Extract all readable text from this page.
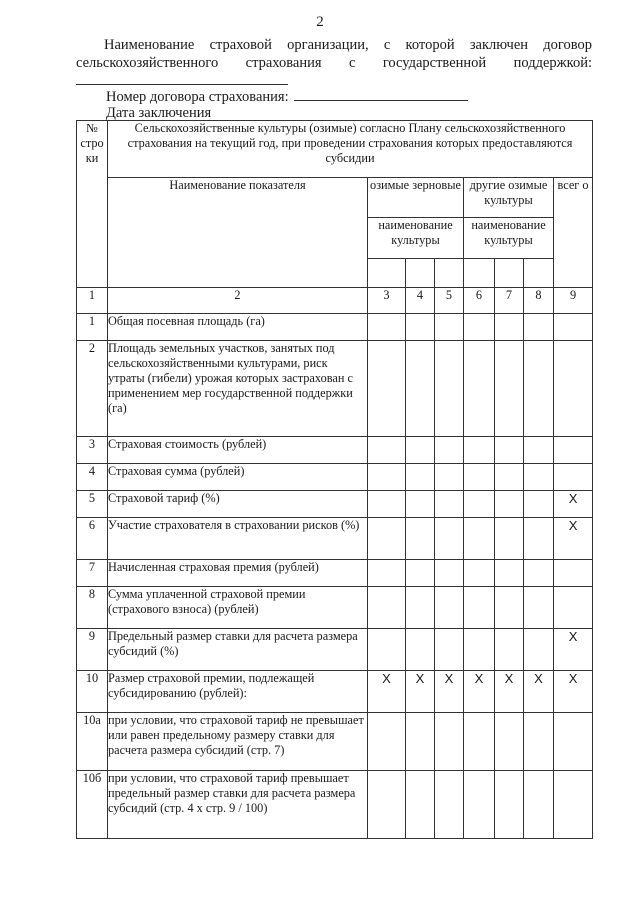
2
Наименование страховой организации, с которой заключен договор
сельскохозяйственного страхования с государственной поддержкой:
Номер договора страхования:
Дата заключения
№ стро ки	Сельскохозяйственные культуры (озимые) согласно Плану сельскохозяйственного страхования на текущий год, при проведении страхования которых предоставляются субсидии							
	Наименование показателя	озимые зерновые			другие озимые культуры			всег о
		наименование культуры			наименование культуры			

1	2	3	4	5	6	7	8	9
1	Общая посевная площадь (га)							
2	Площадь земельных участков, занятых под сельскохозяйственными культурами, риск утраты (гибели) урожая которых застрахован с применением мер государственной поддержки (га)							
3	Страховая стоимость (рублей)							
4	Страховая сумма (рублей)							
5	Страховой тариф (%)							X
6	Участие страхователя в страховании рисков (%)							X
7	Начисленная страховая премия (рублей)							
8	Сумма уплаченной страховой премии (страхового взноса) (рублей)							
9	Предельный размер ставки для расчета размера субсидий (%)							X
10	Размер страховой премии, подлежащей субсидированию (рублей):	X	X	X	X	X	X	X
10а	при условии, что страховой тариф не превышает или равен предельному размеру ставки для расчета размера субсидий (стр. 7)							
10б	при условии, что страховой тариф превышает предельный размер ставки для расчета размера субсидий (стр. 4 х стр. 9 / 100)							
